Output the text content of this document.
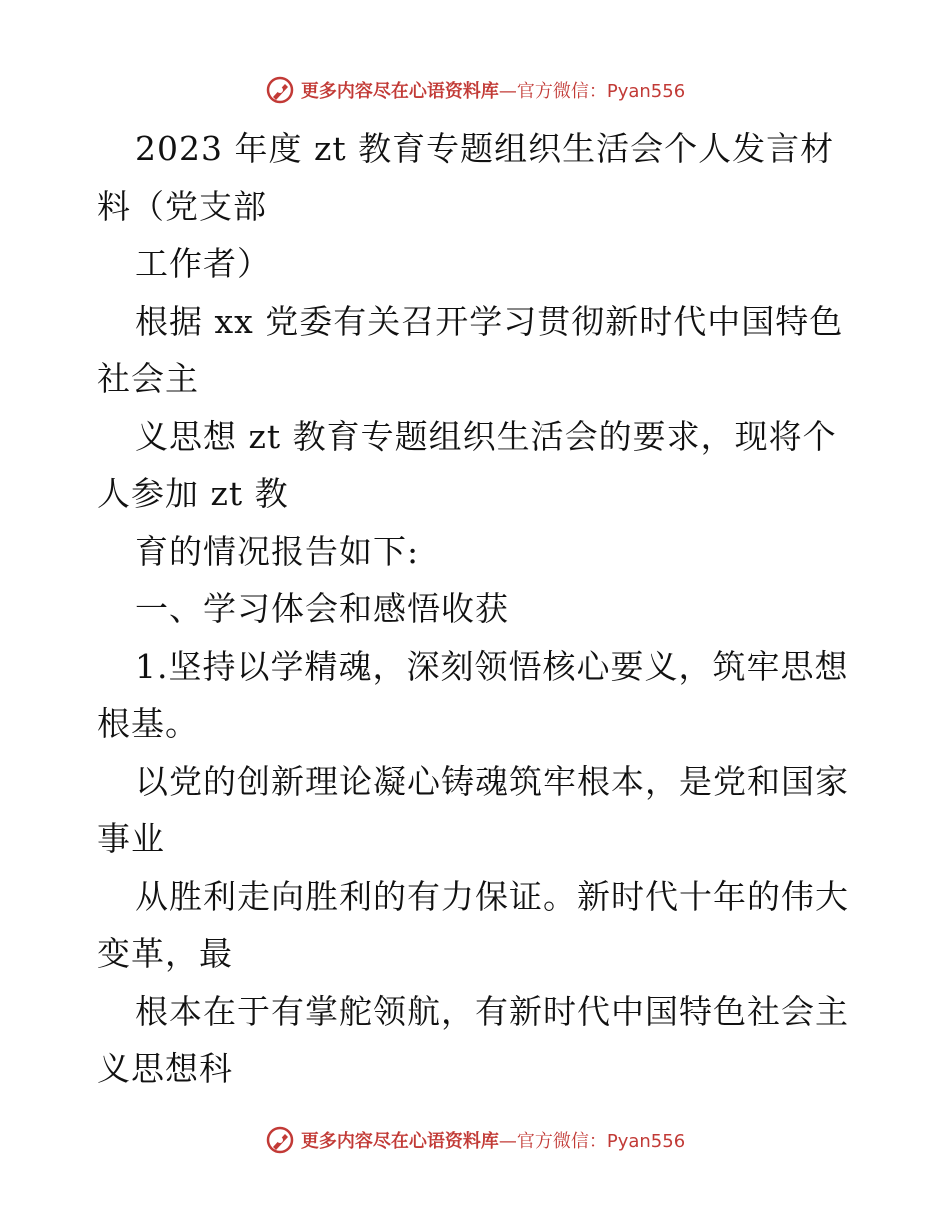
更多内容尽在心语资料库 —官方微信：Pyan556
2023 年度 zt 教育专题组织生活会个人发言材
料（党支部
工作者）
根据 xx 党委有关召开学习贯彻新时代中国特色
社会主
义思想 zt 教育专题组织生活会的要求，现将个
人参加 zt 教
育的情况报告如下:
一、学习体会和感悟收获
1.坚持以学精魂，深刻领悟核心要义，筑牢思想
根基。
以党的创新理论凝心铸魂筑牢根本，是党和国家
事业
从胜利走向胜利的有力保证。新时代十年的伟大
变革，最
根本在于有掌舵领航，有新时代中国特色社会主
义思想科
更多内容尽在心语资料库 —官方微信：Pyan556
